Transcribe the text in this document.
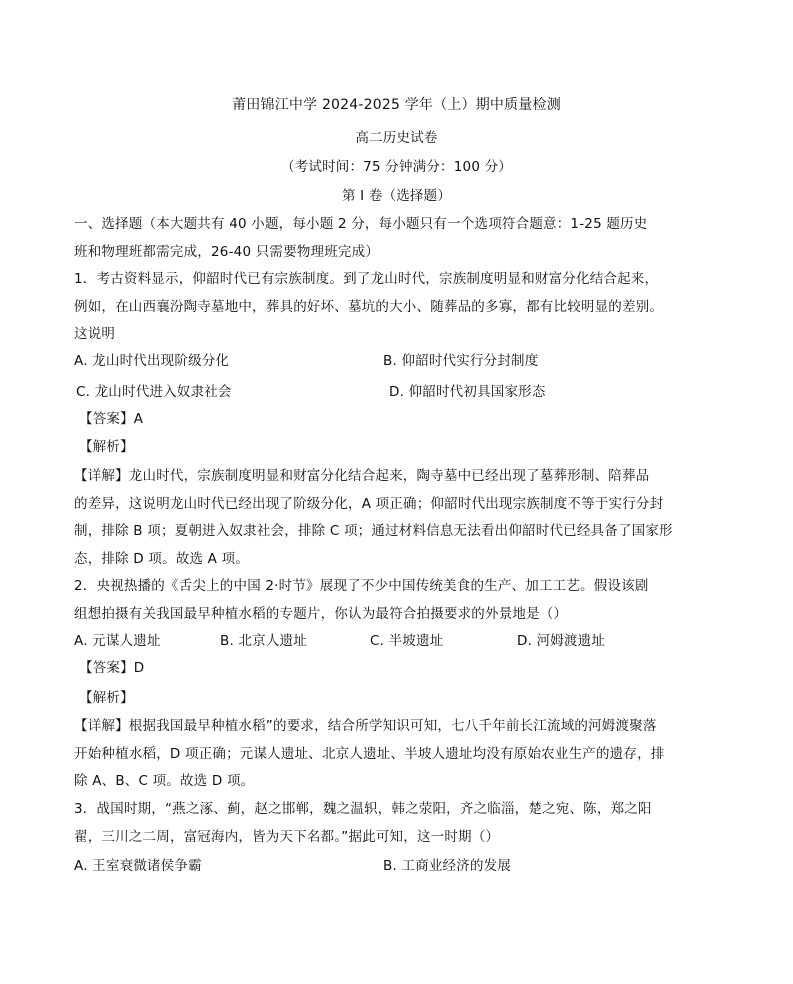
莆田锦江中学 2024-2025 学年（上）期中质量检测
高二历史试卷
（考试时间：75 分钟满分：100 分）
第 I 卷（选择题）
一、选择题（本大题共有 40 小题，每小题 2 分，每小题只有一个选项符合题意：1-25 题历史
班和物理班都需完成，26-40 只需要物理班完成）
1．考古资料显示，仰韶时代已有宗族制度。到了龙山时代，宗族制度明显和财富分化结合起来，
例如，在山西襄汾陶寺墓地中，葬具的好坏、墓坑的大小、随葬品的多寡，都有比较明显的差别。
这说明
A. 龙山时代出现阶级分化	B. 仰韶时代实行分封制度
C. 龙山时代进入奴隶社会	D. 仰韶时代初具国家形态
【答案】A
【解析】
【详解】龙山时代，宗族制度明显和财富分化结合起来，陶寺墓中已经出现了墓葬形制、陪葬品
的差异，这说明龙山时代已经出现了阶级分化，A 项正确；仰韶时代出现宗族制度不等于实行分封
制，排除 B 项；夏朝进入奴隶社会，排除 C 项；通过材料信息无法看出仰韶时代已经具备了国家形
态，排除 D 项。故选 A 项。
2．央视热播的《舌尖上的中国 2·时节》展现了不少中国传统美食的生产、加工工艺。假设该剧
组想拍摄有关我国最早种植水稻的专题片，你认为最符合拍摄要求的外景地是（）
A. 元谋人遗址	B. 北京人遗址	C. 半坡遗址	D. 河姆渡遗址
【答案】D
【解析】
【详解】根据我国最早种植水稻”的要求，结合所学知识可知，七八千年前长江流域的河姆渡聚落
开始种植水稻，D 项正确；元谋人遗址、北京人遗址、半坡人遗址均没有原始农业生产的遗存，排
除 A、B、C 项。故选 D 项。
3．战国时期，“燕之涿、蓟，赵之邯郸，魏之温轵，韩之荥阳，齐之临淄，楚之宛、陈，郑之阳
翟，三川之二周，富冠海内，皆为天下名都。”据此可知，这一时期（）
A. 王室衰微诸侯争霸	B. 工商业经济的发展
